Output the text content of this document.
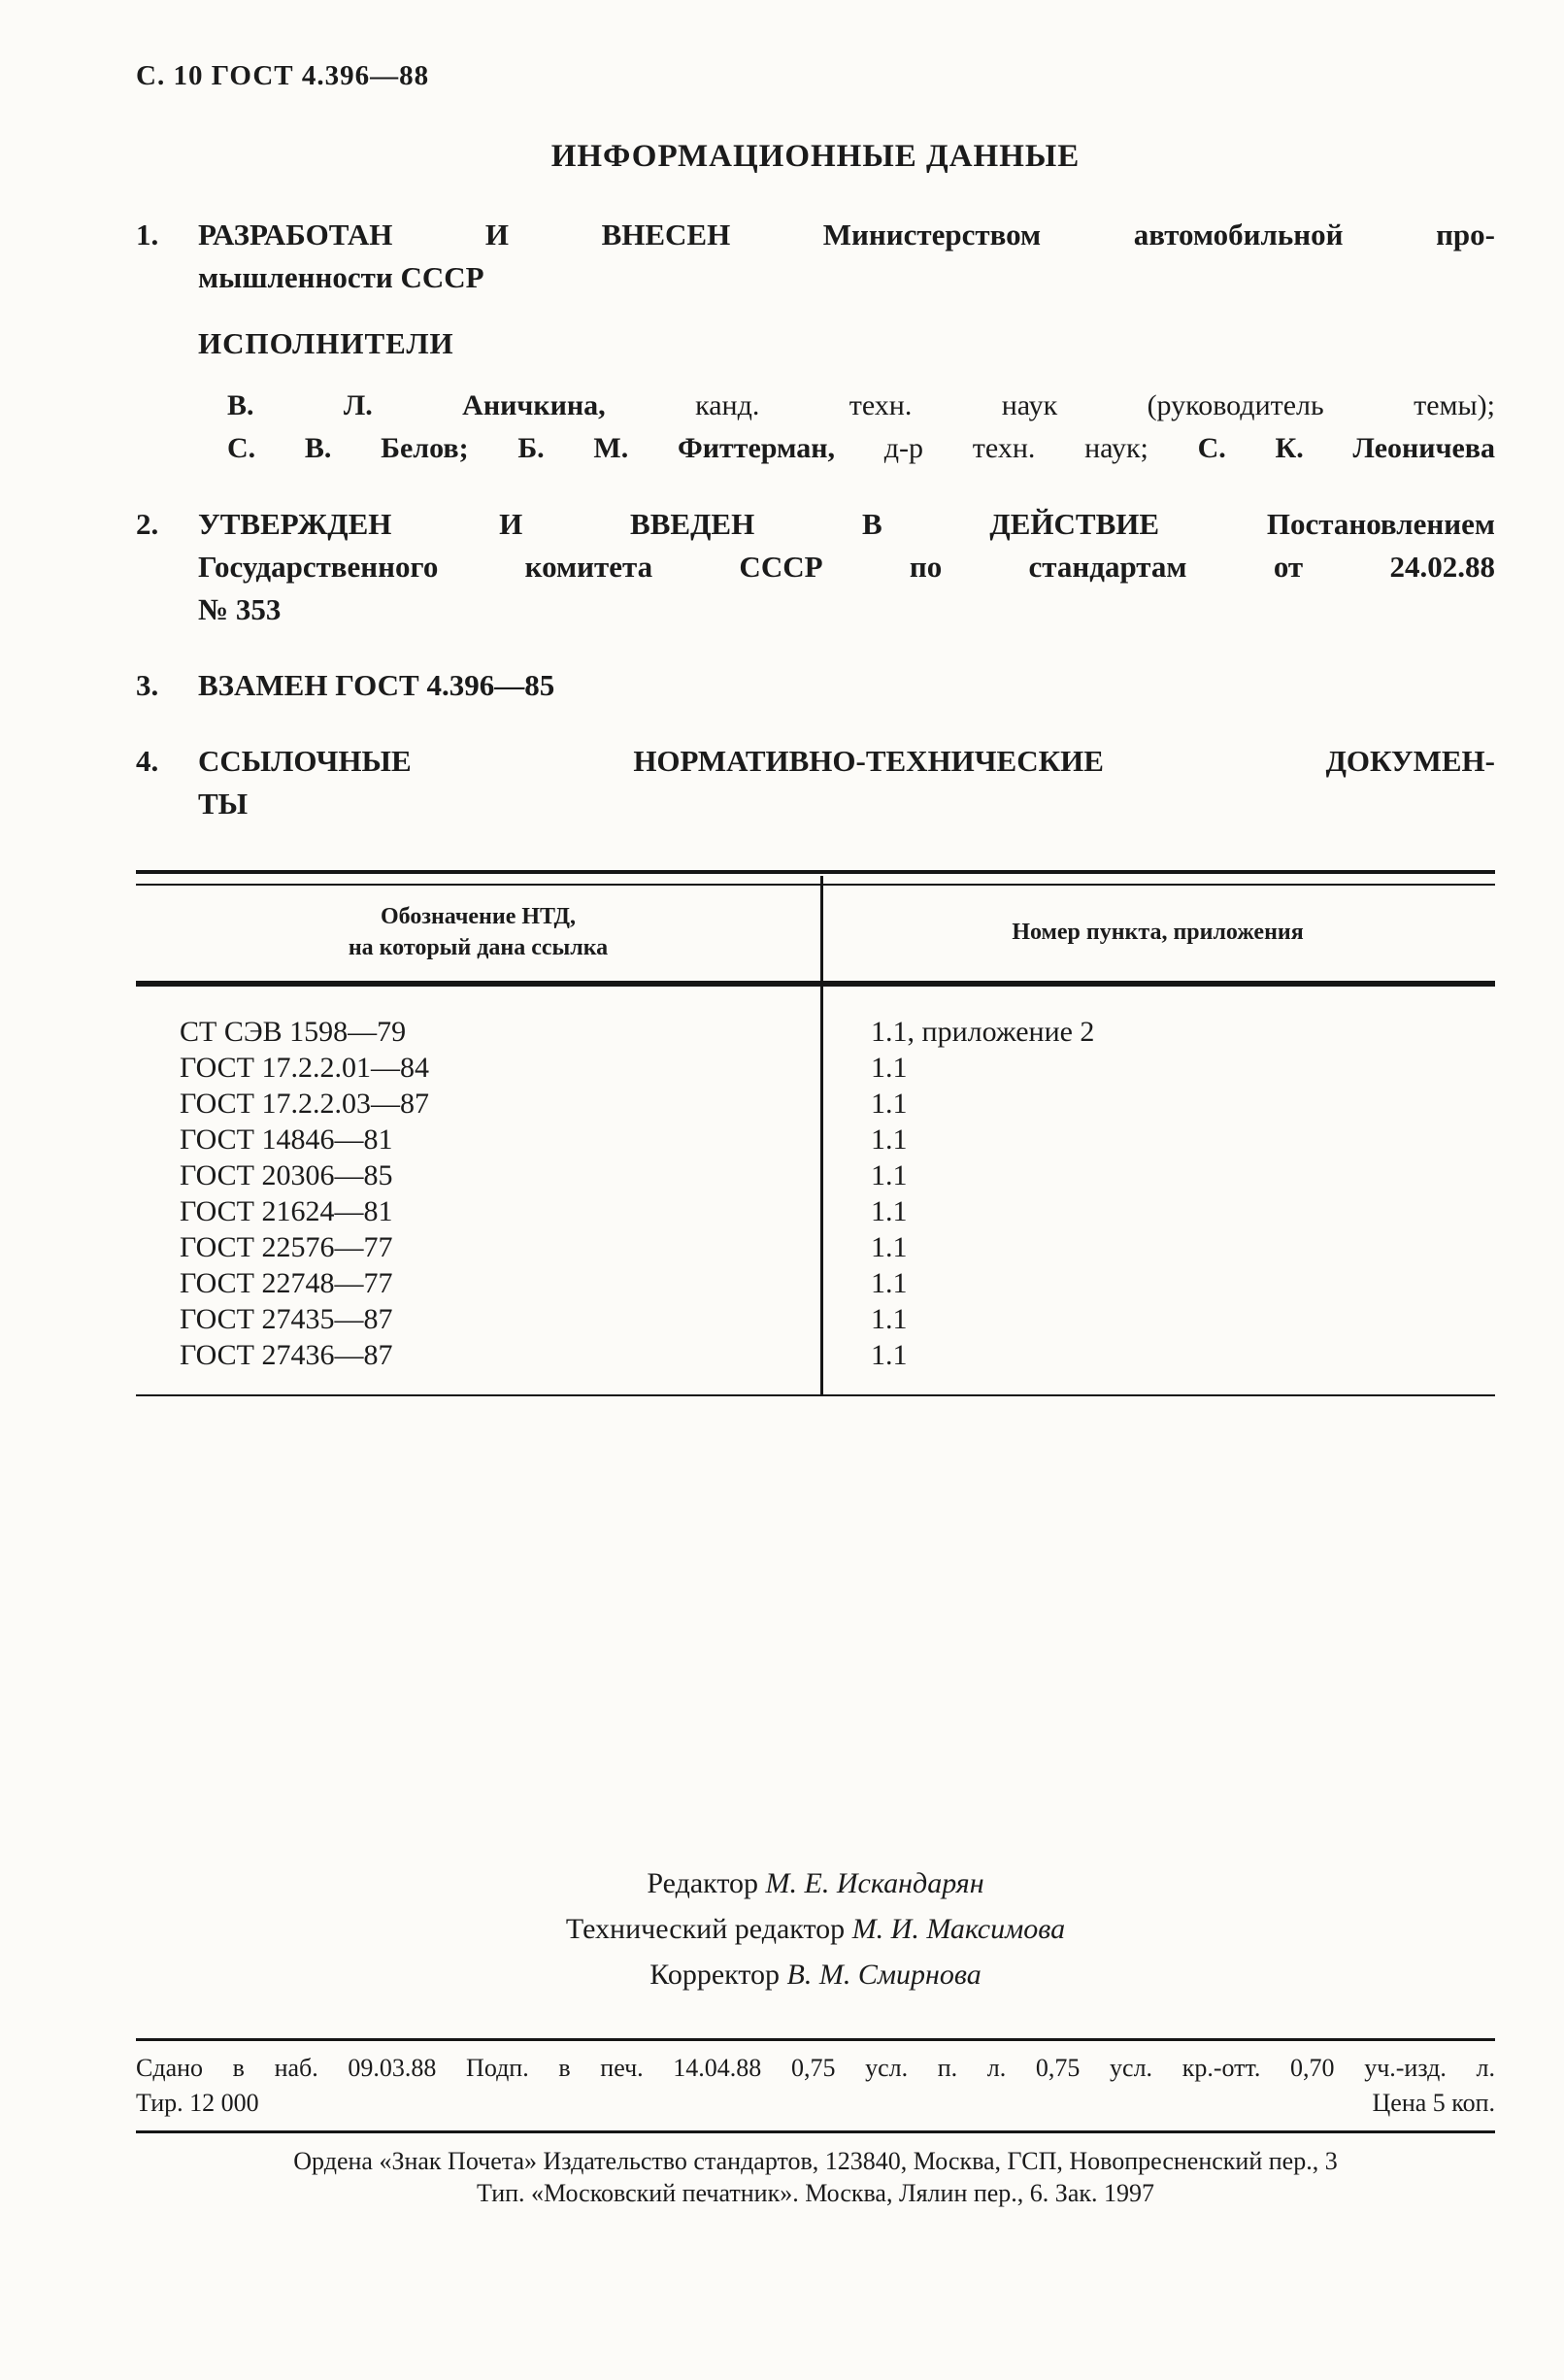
С. 10 ГОСТ 4.396—88
ИНФОРМАЦИОННЫЕ ДАННЫЕ
1.	РАЗРАБОТАН И ВНЕСЕН Министерством автомобильной про-
мышленности СССР
ИСПОЛНИТЕЛИ
В. Л. Аничкина,	канд. техн. наук (руководитель темы);
С. В. Белов; Б. М. Фиттерман, д-р техн. наук; С. К. Леоничева
2.	УТВЕРЖДЕН И ВВЕДЕН В ДЕЙСТВИЕ	Постановлением
Государственного комитета СССР по стандартам от 24.02.88
№ 353
3.	ВЗАМЕН ГОСТ 4.396—85
4.	ССЫЛОЧНЫЕ НОРМАТИВНО-ТЕХНИЧЕСКИЕ ДОКУМЕН-
ТЫ
Обозначение НТД,
на который дана ссылка
Номер пункта, приложения
СТ СЭВ 1598—79	1.1, приложение 2
ГОСТ 17.2.2.01—84	1.1
ГОСТ 17.2.2.03—87	1.1
ГОСТ 14846—81	1.1
ГОСТ 20306—85	1.1
ГОСТ 21624—81	1.1
ГОСТ 22576—77	1.1
ГОСТ 22748—77	1.1
ГОСТ 27435—87	1.1
ГОСТ 27436—87	1.1
Редактор М. Е. Искандарян
Технический редактор М. И. Максимова
Корректор В. М. Смирнова
Сдано в наб. 09.03.88 Подп. в печ. 14.04.88 0,75 усл. п. л. 0,75 усл. кр.-отт. 0,70 уч.-изд. л.
Тир. 12 000	Цена 5 коп.
Ордена «Знак Почета» Издательство стандартов, 123840, Москва, ГСП, Новопресненский пер., 3
Тип. «Московский печатник». Москва, Лялин пер., 6. Зак. 1997
